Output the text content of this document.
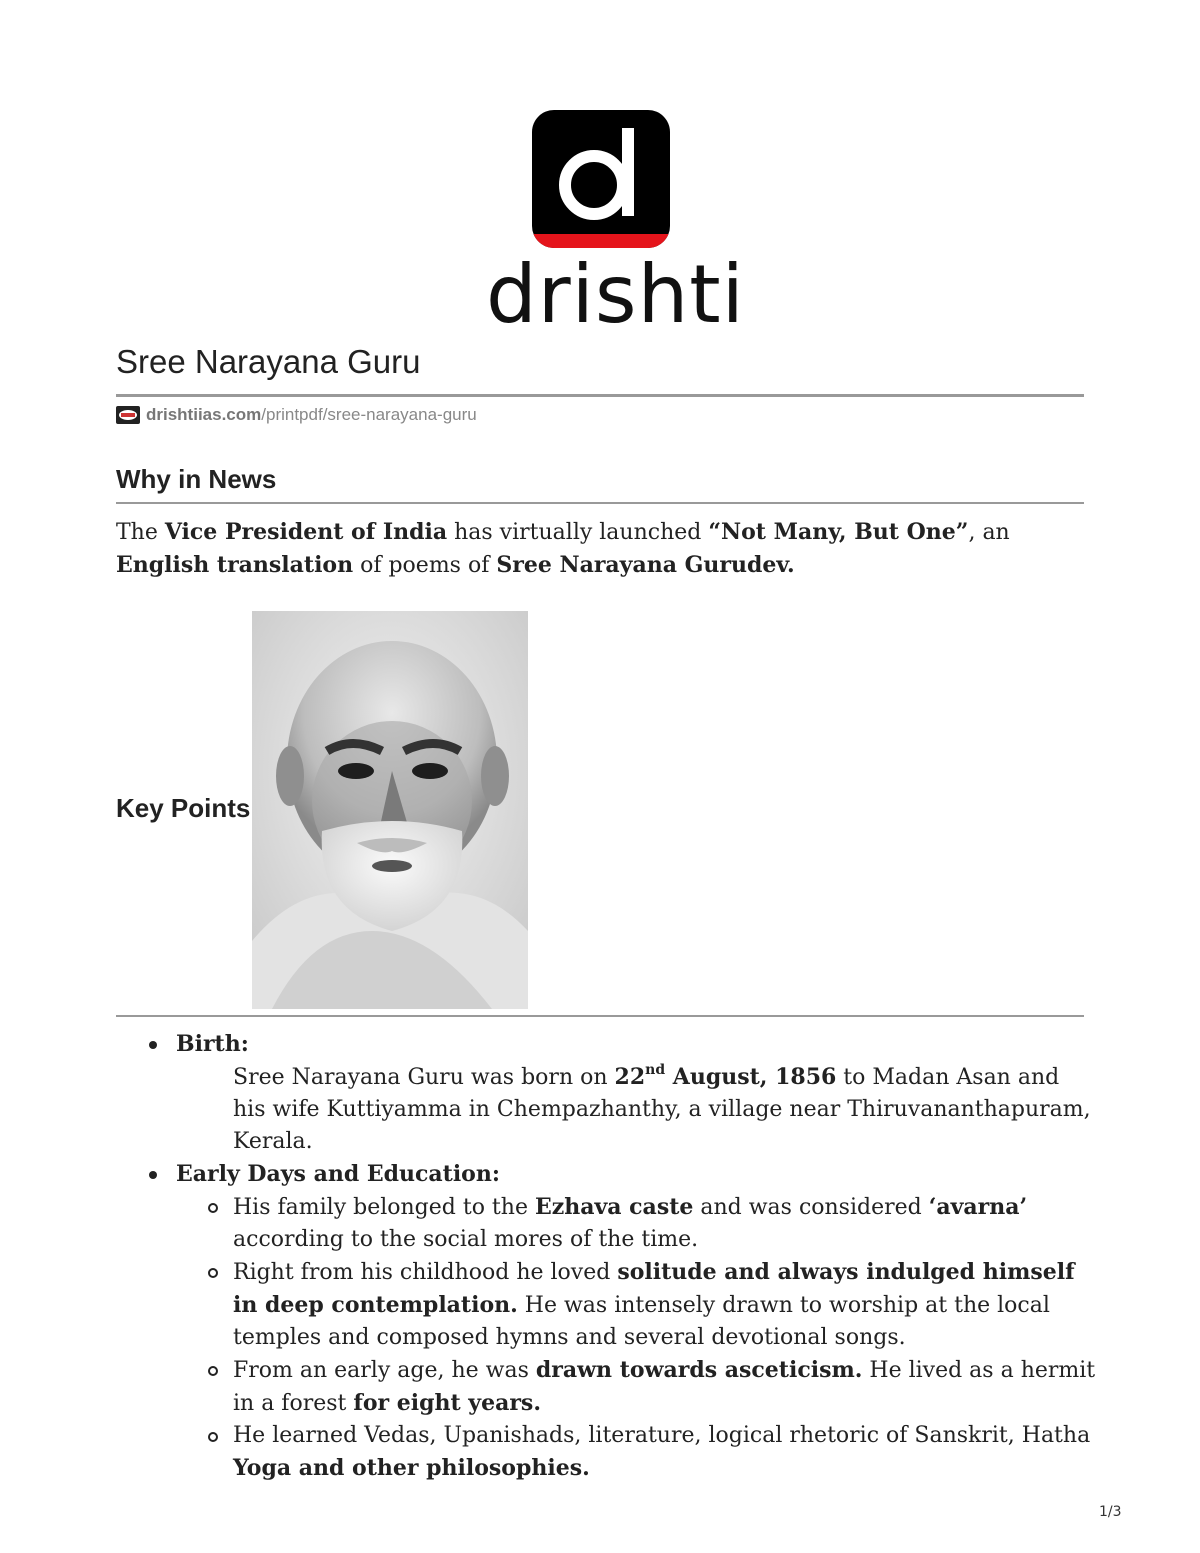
drishti
Sree Narayana Guru
drishtiias.com /printpdf/sree-narayana-guru
Why in News

The Vice President of India has virtually launched “Not Many, But One”, an English translation of poems of Sree Narayana Gurudev.

Key Points

Birth:

Sree Narayana Guru was born on 22nd August, 1856 to Madan Asan and his wife Kuttiyamma in Chempazhanthy, a village near Thiruvananthapuram, Kerala.

Early Days and Education:

His family belonged to the Ezhava caste and was considered ‘avarna’ according to the social mores of the time.

Right from his childhood he loved solitude and always indulged himself in deep contemplation. He was intensely drawn to worship at the local temples and composed hymns and several devotional songs.

From an early age, he was drawn towards asceticism. He lived as a hermit in a forest for eight years.

He learned Vedas, Upanishads, literature, logical rhetoric of Sanskrit, Hatha Yoga and other philosophies.

1/3
